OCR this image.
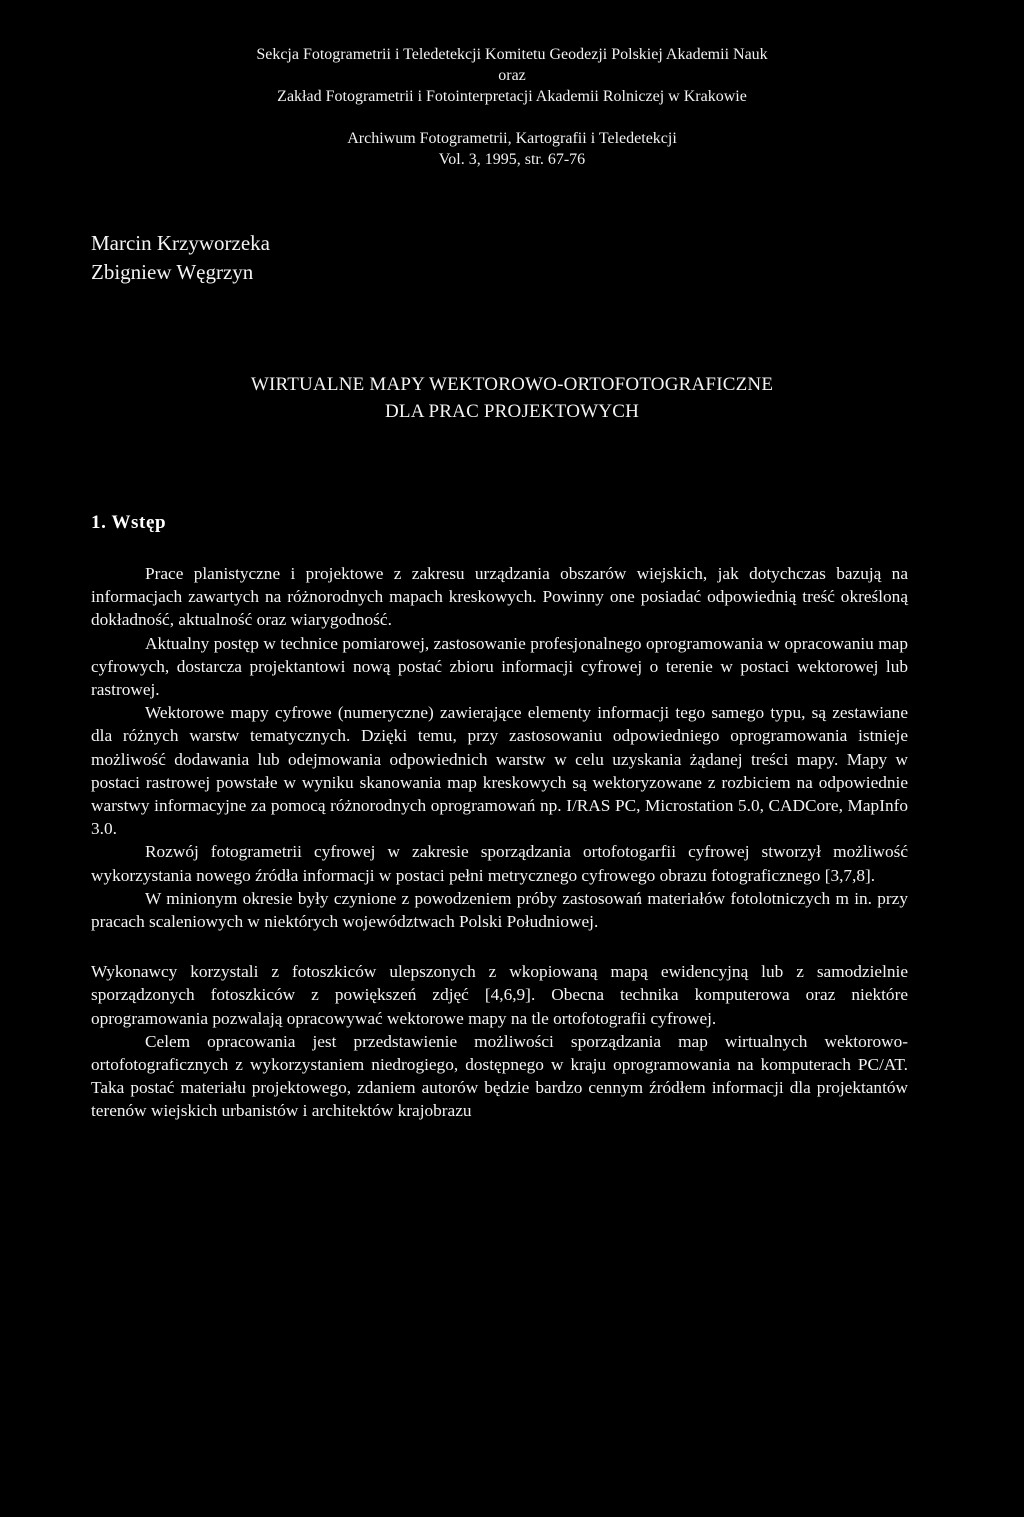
Sekcja Fotogrametrii i Teledetekcji Komitetu Geodezji Polskiej Akademii Nauk
oraz
Zakład Fotogrametrii i Fotointerpretacji Akademii Rolniczej w Krakowie
Archiwum Fotogrametrii, Kartografii i Teledetekcji
Vol. 3, 1995, str. 67-76
Marcin Krzyworzeka
Zbigniew Węgrzyn
WIRTUALNE MAPY WEKTOROWO-ORTOFOTOGRAFICZNE
DLA PRAC PROJEKTOWYCH
1. Wstęp

Prace planistyczne i projektowe z zakresu urządzania obszarów wiejskich, jak dotychczas bazują na informacjach zawartych na różnorodnych mapach kreskowych. Powinny one posiadać odpowiednią treść określoną dokładność, aktualność oraz wiarygodność.

Aktualny postęp w technice pomiarowej, zastosowanie profesjonalnego oprogramowania w opracowaniu map cyfrowych, dostarcza projektantowi nową postać zbioru informacji cyfrowej o terenie w postaci wektorowej lub rastrowej.

Wektorowe mapy cyfrowe (numeryczne) zawierające elementy informacji tego samego typu, są zestawiane dla różnych warstw tematycznych. Dzięki temu, przy zastosowaniu odpowiedniego oprogramowania istnieje możliwość dodawania lub odejmowania odpowiednich warstw w celu uzyskania żądanej treści mapy. Mapy w postaci rastrowej powstałe w wyniku skanowania map kreskowych są wektoryzowane z rozbiciem na odpowiednie warstwy informacyjne za pomocą różnorodnych oprogramowań np. I/RAS PC, Microstation 5.0, CADCore, MapInfo 3.0.

Rozwój fotogrametrii cyfrowej w zakresie sporządzania ortofotogarfii cyfrowej stworzył możliwość wykorzystania nowego źródła informacji w postaci pełni metrycznego cyfrowego obrazu fotograficznego [3,7,8].

W minionym okresie były czynione z powodzeniem próby zastosowań materiałów fotolotniczych m in. przy pracach scaleniowych w niektórych województwach Polski Południowej.

Wykonawcy korzystali z fotoszkiców ulepszonych z wkopiowaną mapą ewidencyjną lub z samodzielnie sporządzonych fotoszkiców z powiększeń zdjęć [4,6,9]. Obecna technika komputerowa oraz niektóre oprogramowania pozwalają opracowywać wektorowe mapy na tle ortofotografii cyfrowej.

Celem opracowania jest przedstawienie możliwości sporządzania map wirtualnych wektorowo-ortofotograficznych z wykorzystaniem niedrogiego, dostępnego w kraju oprogramowania na komputerach PC/AT. Taka postać materiału projektowego, zdaniem autorów będzie bardzo cennym źródłem informacji dla projektantów terenów wiejskich urbanistów i architektów krajobrazu
